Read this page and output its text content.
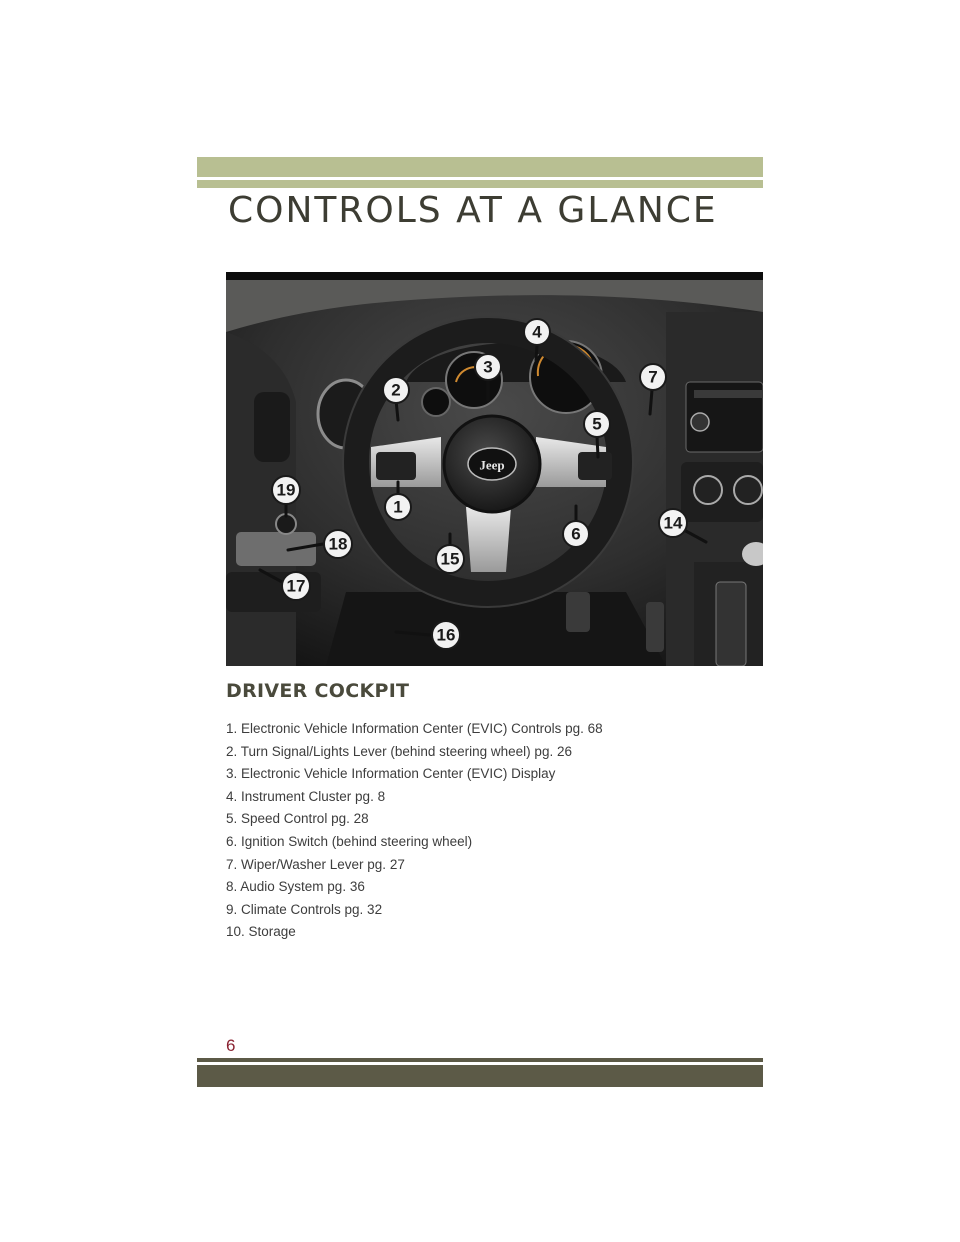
CONTROLS AT A GLANCE
Jeep
1
2
3
4
5
6
7
14
15
16
17
18
19
DRIVER COCKPIT
1. Electronic Vehicle Information Center (EVIC) Controls pg. 68
2. Turn Signal/Lights Lever (behind steering wheel) pg. 26
3. Electronic Vehicle Information Center (EVIC) Display
4. Instrument Cluster pg. 8
5. Speed Control pg. 28
6. Ignition Switch (behind steering wheel)
7. Wiper/Washer Lever pg. 27
8. Audio System pg. 36
9. Climate Controls pg. 32
10. Storage
6
